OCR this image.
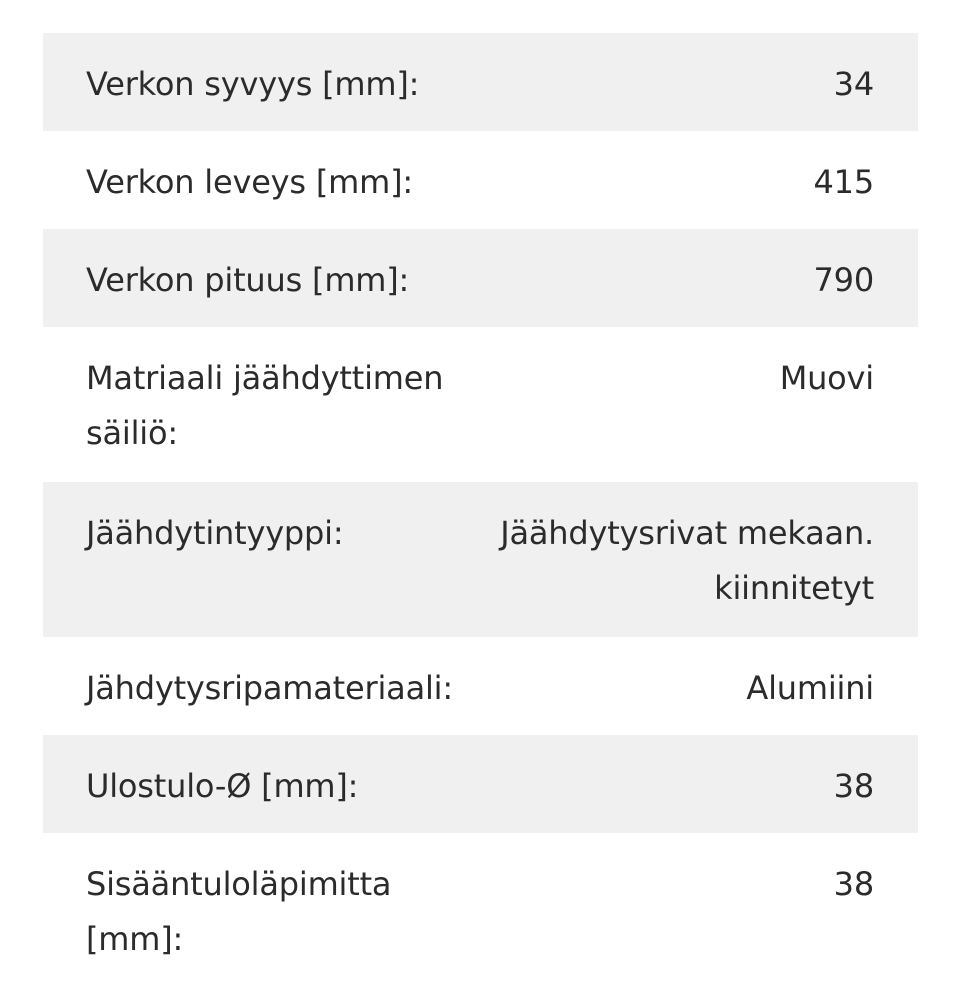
Verkon syvyys [mm]:	34
Verkon leveys [mm]:	415
Verkon pituus [mm]:	790
Matriaali jäähdyttimen säiliö:
Muovi
Jäähdytintyyppi:	Jäähdytysrivat mekaan. kiinnitetyt
Jähdytysripamateriaali:	Alumiini
Ulostulo-Ø [mm]:	38
Sisääntuloläpimitta [mm]:
38
